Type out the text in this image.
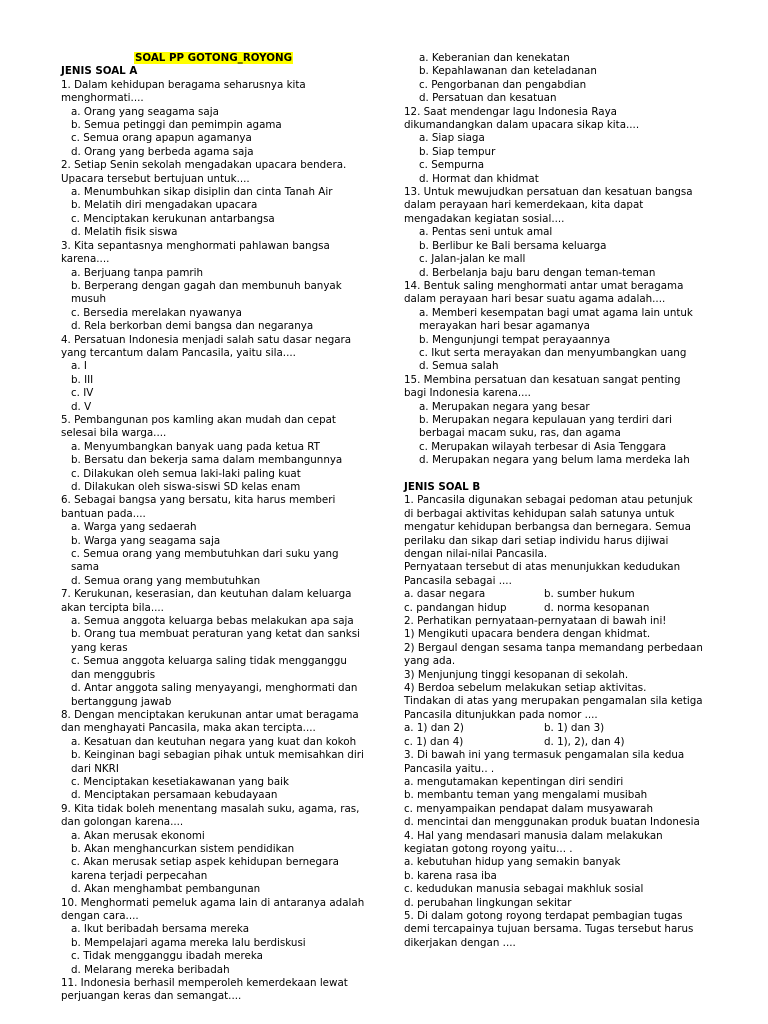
SOAL PP GOTONG_ROYONG
JENIS SOAL A

1. Dalam kehidupan beragama seharusnya kita menghormati....

a. Orang yang seagama saja

b. Semua petinggi dan pemimpin agama

c. Semua orang apapun agamanya

d. Orang yang berbeda agama saja

2. Setiap Senin sekolah mengadakan upacara bendera. Upacara tersebut bertujuan untuk....

a. Menumbuhkan sikap disiplin dan cinta Tanah Air

b. Melatih diri mengadakan upacara

c. Menciptakan kerukunan antarbangsa

d. Melatih fisik siswa

3. Kita sepantasnya menghormati pahlawan bangsa karena....

a. Berjuang tanpa pamrih

b. Berperang dengan gagah dan membunuh banyak musuh

c. Bersedia merelakan nyawanya

d. Rela berkorban demi bangsa dan negaranya

4. Persatuan Indonesia menjadi salah satu dasar negara yang tercantum dalam Pancasila, yaitu sila....

a. I

b. III

c. IV

d. V

5. Pembangunan pos kamling akan mudah dan cepat selesai bila warga....

a. Menyumbangkan banyak uang pada ketua RT

b. Bersatu dan bekerja sama dalam membangunnya

c. Dilakukan oleh semua laki-laki paling kuat

d. Dilakukan oleh siswa-siswi SD kelas enam

6. Sebagai bangsa yang bersatu, kita harus memberi bantuan pada....

a. Warga yang sedaerah

b. Warga yang seagama saja

c. Semua orang yang membutuhkan dari suku yang sama

d. Semua orang yang membutuhkan

7. Kerukunan, keserasian, dan keutuhan dalam keluarga akan tercipta bila....

a. Semua anggota keluarga bebas melakukan apa saja

b. Orang tua membuat peraturan yang ketat dan sanksi yang keras

c. Semua anggota keluarga saling tidak mengganggu dan menggubris

d. Antar anggota saling menyayangi, menghormati dan bertanggung jawab

8. Dengan menciptakan kerukunan antar umat beragama dan menghayati Pancasila, maka akan tercipta....

a. Kesatuan dan keutuhan negara yang kuat dan kokoh

b. Keinginan bagi sebagian pihak untuk memisahkan diri dari NKRI

c. Menciptakan kesetiakawanan yang baik

d. Menciptakan persamaan kebudayaan

9. Kita tidak boleh menentang masalah suku, agama, ras, dan golongan karena....

a. Akan merusak ekonomi

b. Akan menghancurkan sistem pendidikan

c. Akan merusak setiap aspek kehidupan bernegara karena terjadi perpecahan

d. Akan menghambat pembangunan

10. Menghormati pemeluk agama lain di antaranya adalah dengan cara....

a. Ikut beribadah bersama mereka

b. Mempelajari agama mereka lalu berdiskusi

c. Tidak mengganggu ibadah mereka

d. Melarang mereka beribadah

11. Indonesia berhasil memperoleh kemerdekaan lewat perjuangan keras dan semangat....

a. Keberanian dan kenekatan

b. Kepahlawanan dan keteladanan

c. Pengorbanan dan pengabdian

d. Persatuan dan kesatuan

12. Saat mendengar lagu Indonesia Raya dikumandangkan dalam upacara sikap kita....

a. Siap siaga

b. Siap tempur

c. Sempurna

d. Hormat dan khidmat

13. Untuk mewujudkan persatuan dan kesatuan bangsa dalam perayaan hari kemerdekaan, kita dapat mengadakan kegiatan sosial....

a. Pentas seni untuk amal

b. Berlibur ke Bali bersama keluarga

c. Jalan-jalan ke mall

d. Berbelanja baju baru dengan teman-teman

14. Bentuk saling menghormati antar umat beragama dalam perayaan hari besar suatu agama adalah....

a. Memberi kesempatan bagi umat agama lain untuk merayakan hari besar agamanya

b. Mengunjungi tempat perayaannya

c. Ikut serta merayakan dan menyumbangkan uang

d. Semua salah

15. Membina persatuan dan kesatuan sangat penting bagi Indonesia karena....

a. Merupakan negara yang besar

b. Merupakan negara kepulauan yang terdiri dari berbagai macam suku, ras, dan agama

c. Merupakan wilayah terbesar di Asia Tenggara

d. Merupakan negara yang belum lama merdeka lah

JENIS SOAL B

1. Pancasila digunakan sebagai pedoman atau petunjuk di berbagai aktivitas kehidupan salah satunya untuk mengatur kehidupan berbangsa dan bernegara. Semua perilaku dan sikap dari setiap individu harus dijiwai dengan nilai-nilai Pancasila.

Pernyataan tersebut di atas menunjukkan kedudukan Pancasila sebagai ....

a. dasar negara	b. sumber hukum
c. pandangan hidup	d. norma kesopanan

2. Perhatikan pernyataan-pernyataan di bawah ini!

1) Mengikuti upacara bendera dengan khidmat.

2) Bergaul dengan sesama tanpa memandang perbedaan yang ada.

3) Menjunjung tinggi kesopanan di sekolah.

4) Berdoa sebelum melakukan setiap aktivitas.

Tindakan di atas yang merupakan pengamalan sila ketiga Pancasila ditunjukkan pada nomor ....

a. 1) dan 2)	b. 1) dan 3)
c. 1) dan 4)	d. 1), 2), dan 4)

3. Di bawah ini yang termasuk pengamalan sila kedua Pancasila yaitu.. .

a. mengutamakan kepentingan diri sendiri

b. membantu teman yang mengalami musibah

c. menyampaikan pendapat dalam musyawarah

d. mencintai dan menggunakan produk buatan Indonesia

4. Hal yang mendasari manusia dalam melakukan kegiatan gotong royong yaitu... .

a. kebutuhan hidup yang semakin banyak

b. karena rasa iba

c. kedudukan manusia sebagai makhluk sosial

d. perubahan lingkungan sekitar

5. Di dalam gotong royong terdapat pembagian tugas demi tercapainya tujuan bersama. Tugas tersebut harus dikerjakan dengan ....
